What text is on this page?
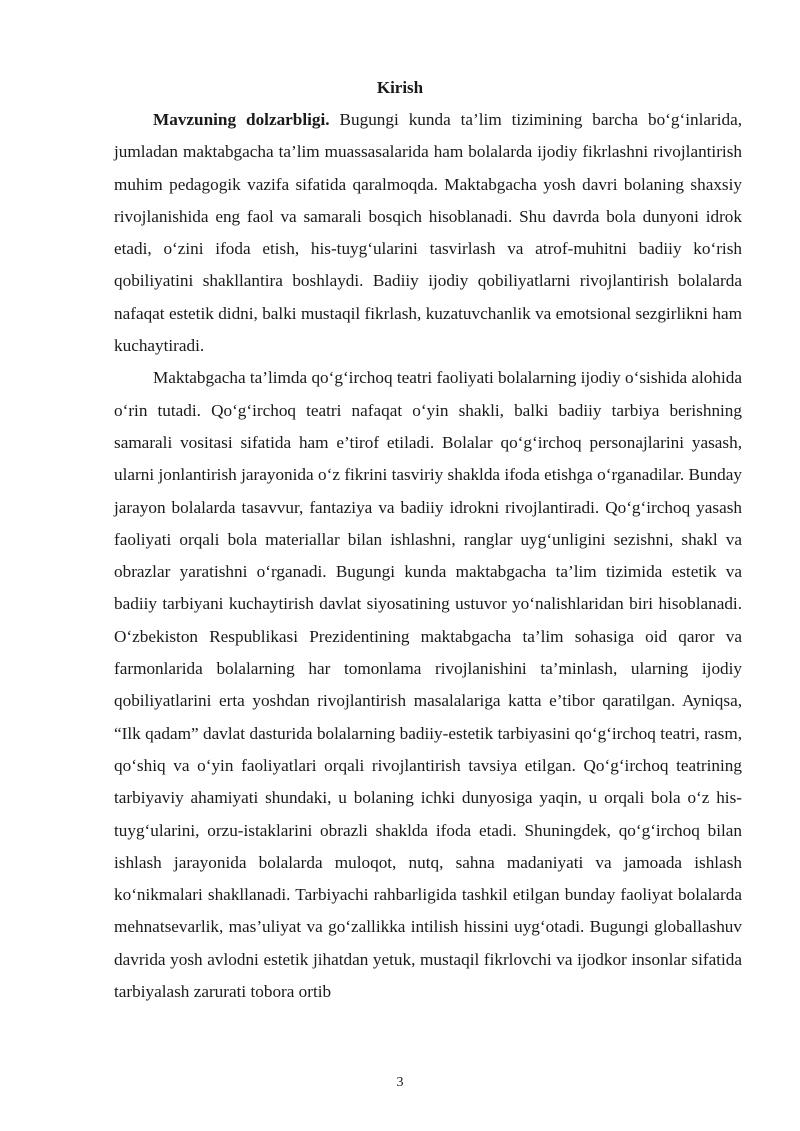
Kirish

Mavzuning dolzarbligi. Bugungi kunda ta’lim tizimining barcha bo‘g‘inlarida, jumladan maktabgacha ta’lim muassasalarida ham bolalarda ijodiy fikrlashni rivojlantirish muhim pedagogik vazifa sifatida qaralmoqda. Maktabgacha yosh davri bolaning shaxsiy rivojlanishida eng faol va samarali bosqich hisoblanadi. Shu davrda bola dunyoni idrok etadi, o‘zini ifoda etish, his-tuyg‘ularini tasvirlash va atrof-muhitni badiiy ko‘rish qobiliyatini shakllantira boshlaydi. Badiiy ijodiy qobiliyatlarni rivojlantirish bolalarda nafaqat estetik didni, balki mustaqil fikrlash, kuzatuvchanlik va emotsional sezgirlikni ham kuchaytiradi.

Maktabgacha ta’limda qo‘g‘irchoq teatri faoliyati bolalarning ijodiy o‘sishida alohida o‘rin tutadi. Qo‘g‘irchoq teatri nafaqat o‘yin shakli, balki badiiy tarbiya berishning samarali vositasi sifatida ham e’tirof etiladi. Bolalar qo‘g‘irchoq personajlarini yasash, ularni jonlantirish jarayonida o‘z fikrini tasviriy shaklda ifoda etishga o‘rganadilar. Bunday jarayon bolalarda tasavvur, fantaziya va badiiy idrokni rivojlantiradi. Qo‘g‘irchoq yasash faoliyati orqali bola materiallar bilan ishlashni, ranglar uyg‘unligini sezishni, shakl va obrazlar yaratishni o‘rganadi. Bugungi kunda maktabgacha ta’lim tizimida estetik va badiiy tarbiyani kuchaytirish davlat siyosatining ustuvor yo‘nalishlaridan biri hisoblanadi. O‘zbekiston Respublikasi Prezidentining maktabgacha ta’lim sohasiga oid qaror va farmonlarida bolalarning har tomonlama rivojlanishini ta’minlash, ularning ijodiy qobiliyatlarini erta yoshdan rivojlantirish masalalariga katta e’tibor qaratilgan. Ayniqsa, “Ilk qadam” davlat dasturida bolalarning badiiy-estetik tarbiyasini qo‘g‘irchoq teatri, rasm, qo‘shiq va o‘yin faoliyatlari orqali rivojlantirish tavsiya etilgan. Qo‘g‘irchoq teatrining tarbiyaviy ahamiyati shundaki, u bolaning ichki dunyosiga yaqin, u orqali bola o‘z his-tuyg‘ularini, orzu-istaklarini obrazli shaklda ifoda etadi. Shuningdek, qo‘g‘irchoq bilan ishlash jarayonida bolalarda muloqot, nutq, sahna madaniyati va jamoada ishlash ko‘nikmalari shakllanadi. Tarbiyachi rahbarligida tashkil etilgan bunday faoliyat bolalarda mehnatsevarlik, mas’uliyat va go‘zallikka intilish hissini uyg‘otadi. Bugungi globallashuv davrida yosh avlodni estetik jihatdan yetuk, mustaqil fikrlovchi va ijodkor insonlar sifatida tarbiyalash zarurati tobora ortib

3
